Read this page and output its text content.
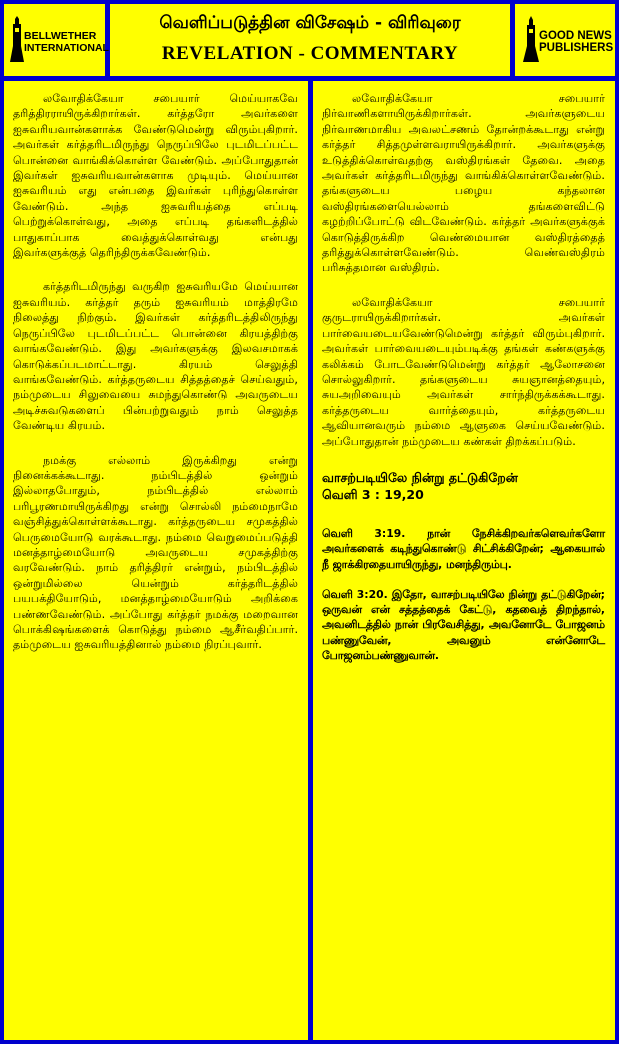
BELLWETHER
INTERNATIONAL
வெளிப்படுத்தின விசேஷம் - விரிவுரை
REVELATION - COMMENTARY
GOOD NEWS
PUBLISHERS

லவோதிக்கேயா சபையார் மெய்யாகவே தரித்திரராயிருக்கிறார்கள். கர்த்தரோ அவர்களை ஐசுவரியவான்களாக்க வேண்டுமென்று விரும்புகிறார். அவர்கள் கர்த்தரிடமிருந்து நெருப்பிலே புடமிடப்பட்ட பொன்னை வாங்கிக்கொள்ள வேண்டும். அப்போதுதான் இவர்கள் ஐசுவரியவான்களாக முடியும். மெய்யான ஐசுவரியம் எது என்பதை இவர்கள் புரிந்துகொள்ள வேண்டும். அந்த ஐசுவரியத்தை எப்படி பெற்றுக்கொள்வது, அதை எப்படி தங்களிடத்தில் பாதுகாப்பாக வைத்துக்கொள்வது என்பது இவர்களுக்குத் தெரிந்திருக்கவேண்டும்.

கர்த்தரிடமிருந்து வருகிற ஐசுவரியமே மெய்யான ஐசுவரியம். கர்த்தர் தரும் ஐசுவரியம் மாத்திரமே நிலைத்து நிற்கும். இவர்கள் கர்த்தரிடத்திலிருந்து நெருப்பிலே புடமிடப்பட்ட பொன்னை கிரயத்திற்கு வாங்கவேண்டும். இது அவர்களுக்கு இலவசமாகக் கொடுக்கப்படமாட்டாது. கிரயம் செலுத்தி வாங்கவேண்டும். கர்த்தருடைய சித்தத்தைச் செய்வதும், நம்முடைய சிலுவையை சுமந்துகொண்டு அவருடைய அடிச்சுவடுகளைப் பின்பற்றுவதும் நாம் செலுத்த வேண்டிய கிரயம்.

நமக்கு எல்லாம் இருக்கிறது என்று நினைக்கக்கூடாது. நம்பிடத்தில் ஒன்றும் இல்லாதபோதும், நம்பிடத்தில் எல்லாம் பரிபூரணமாயிருக்கிறது என்று சொல்லி நம்மைநாமே வஞ்சித்துக்கொள்ளக்கூடாது. கர்த்தருடைய சமுகத்தில் பெருமையோடு வரக்கூடாது. நம்மை வெறுமைப்படுத்தி மனத்தாழ்மையோடு அவருடைய சமுகத்திற்கு வரவேண்டும். நாம் தரித்திரர் என்றும், நம்பிடத்தில் ஒன்றுமில்லை யென்றும் கர்த்தரிடத்தில் பயபக்தியோடும், மனத்தாழ்மையோடும் அறிக்கை பண்ணவேண்டும். அப்போது கர்த்தர் நமக்கு மறைவான பொக்கிஷங்களைக் கொடுத்து நம்மை ஆசீர்வதிப்பார். தம்முடைய ஐசுவரியத்தினால் நம்மை நிரப்புவார்.

லவோதிக்கேயா சபையார் நிர்வாணிகளாயிருக்கிறார்கள். அவர்களுடைய நிர்வாணமாகிய அவலட்சணம் தோன்றக்கூடாது என்று கர்த்தர் சித்தமுள்ளவராயிருக்கிறார். அவர்களுக்கு உடுத்திக்கொள்வதற்கு வஸ்திரங்கள் தேவை. அதை அவர்கள் கர்த்தரிடமிருந்து வாங்கிக்கொள்ளவேண்டும். தங்களுடைய பழைய கந்தலான வஸ்திரங்களையெல்லாம் தங்களைவிட்டு கழற்றிப்போட்டு விடவேண்டும். கர்த்தர் அவர்களுக்குக் கொடுத்திருக்கிற வெண்மையான வஸ்திரத்தைத் தரித்துக்கொள்ளவேண்டும். வெண்வஸ்திரம் பரிசுத்தமான வஸ்திரம்.

லவோதிக்கேயா சபையார் குருடராயிருக்கிறார்கள். அவர்கள் பார்வையடையவேண்டுமென்று கர்த்தர் விரும்புகிறார். அவர்கள் பார்வையடையும்படிக்கு தங்கள் கண்களுக்கு கலிக்கம் போடவேண்டுமென்று கர்த்தர் ஆலோசனை சொல்லுகிறார். தங்களுடைய சுயஞானத்தையும், சுயஅறிவையும் அவர்கள் சார்ந்திருக்கக்கூடாது. கர்த்தருடைய வார்த்தையும், கர்த்தருடைய ஆவியானவரும் நம்மை ஆளுகை செய்யவேண்டும். அப்போதுதான் நம்முடைய கண்கள் திறக்கப்படும்.

வாசற்படியிலே நின்று தட்டுகிறேன்
வெளி 3 : 19,20

வெளி 3:19. நான் நேசிக்கிறவர்களெவர்களோ அவர்களைக் கடிந்துகொண்டு சிட்சிக்கிறேன்; ஆகையால் நீ ஜாக்கிரதையாயிருந்து, மனந்திரும்பு.

வெளி 3:20. இதோ, வாசற்படியிலே நின்று தட்டுகிறேன்; ஒருவன் என் சத்தத்தைக் கேட்டு, கதவைத் திறந்தால், அவனிடத்தில் நான் பிரவேசித்து, அவனோடே போஜனம் பண்ணுவேன், அவனும் என்னோடே போஜனம்பண்ணுவான்.
